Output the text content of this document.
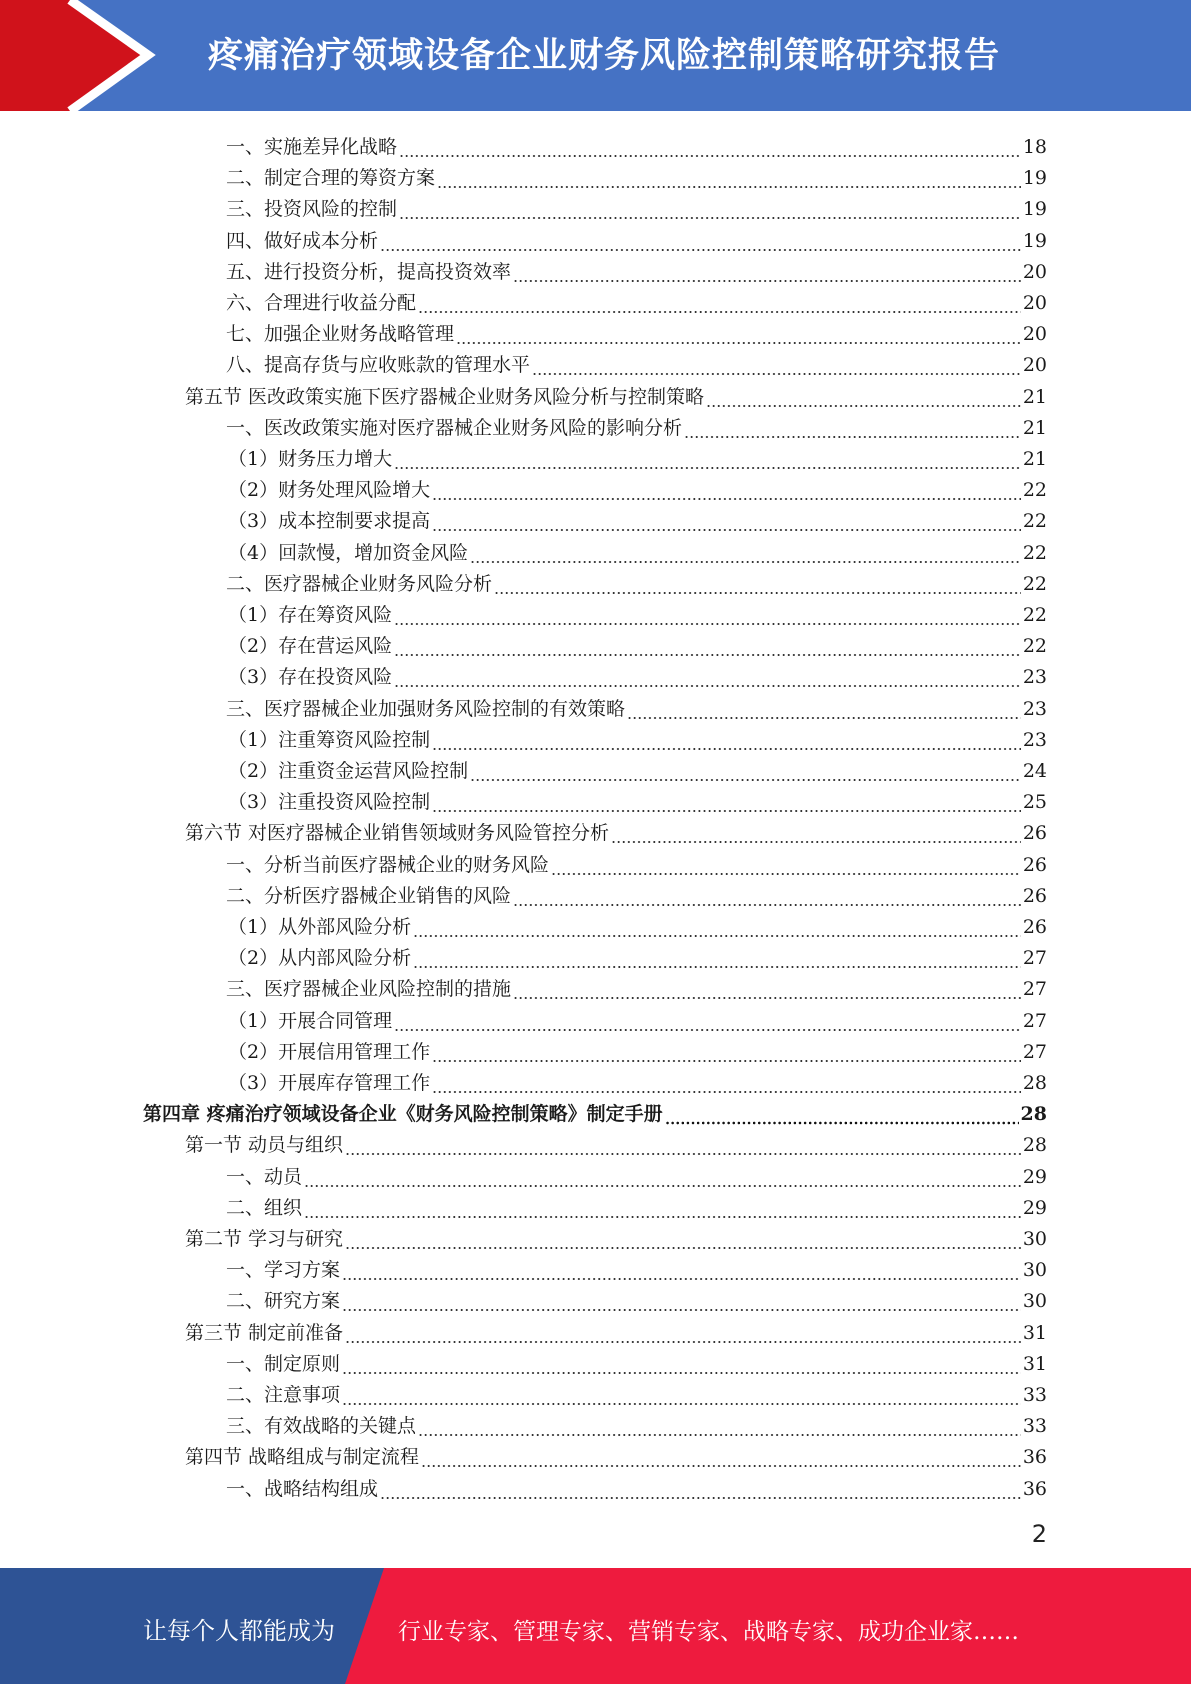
疼痛治疗领域设备企业财务风险控制策略研究报告
一、实施差异化战略	18
二、制定合理的筹资方案	19
三、投资风险的控制	19
四、做好成本分析	19
五、进行投资分析，提高投资效率	20
六、合理进行收益分配	20
七、加强企业财务战略管理	20
八、提高存货与应收账款的管理水平	20
第五节 医改政策实施下医疗器械企业财务风险分析与控制策略	21
一、医改政策实施对医疗器械企业财务风险的影响分析	21
（1）财务压力增大	21
（2）财务处理风险增大	22
（3）成本控制要求提高	22
（4）回款慢，增加资金风险	22
二、医疗器械企业财务风险分析	22
（1）存在筹资风险	22
（2）存在营运风险	22
（3）存在投资风险	23
三、医疗器械企业加强财务风险控制的有效策略	23
（1）注重筹资风险控制	23
（2）注重资金运营风险控制	24
（3）注重投资风险控制	25
第六节 对医疗器械企业销售领域财务风险管控分析	26
一、分析当前医疗器械企业的财务风险	26
二、分析医疗器械企业销售的风险	26
（1）从外部风险分析	26
（2）从内部风险分析	27
三、医疗器械企业风险控制的措施	27
（1）开展合同管理	27
（2）开展信用管理工作	27
（3）开展库存管理工作	28
第四章 疼痛治疗领域设备企业《财务风险控制策略》制定手册	28
第一节 动员与组织	28
一、动员	29
二、组织	29
第二节 学习与研究	30
一、学习方案	30
二、研究方案	30
第三节 制定前准备	31
一、制定原则	31
二、注意事项	33
三、有效战略的关键点	33
第四节 战略组成与制定流程	36
一、战略结构组成	36
2
让每个人都能成为	行业专家、管理专家、营销专家、战略专家、成功企业家……
